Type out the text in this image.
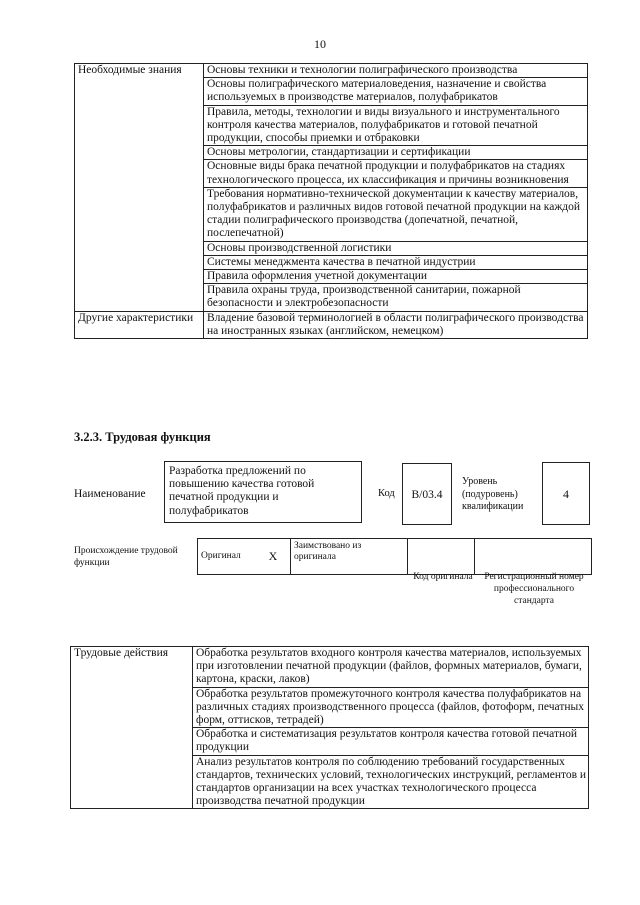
10
Необходимые знания	Основы техники и технологии полиграфического производства
	Основы полиграфического материаловедения, назначение и свойства используемых в производстве материалов, полуфабрикатов
	Правила, методы, технологии и виды визуального и инструментального контроля качества материалов, полуфабрикатов и готовой печатной продукции, способы приемки и отбраковки
	Основы метрологии, стандартизации и сертификации
	Основные виды брака печатной продукции и полуфабрикатов на стадиях технологического процесса, их классификация и причины возникновения
	Требования нормативно-технической документации к качеству материалов, полуфабрикатов и различных видов готовой печатной продукции на каждой стадии полиграфического производства (допечатной, печатной, послепечатной)
	Основы производственной логистики
	Системы менеджмента качества в печатной индустрии
	Правила оформления учетной документации
	Правила охраны труда, производственной санитарии, пожарной безопасности и электробезопасности
Другие характеристики	Владение базовой терминологией в области полиграфического производства на иностранных языках (английском, немецком)
3.2.3. Трудовая функция
Наименование
Разработка предложений по повышению качества готовой печатной продукции и полуфабрикатов
Код	B/03.4
Уровень (подуровень) квалификации
4
Происхождение трудовой функции
Оригинал	X	Заимствовано из оригинала		
Код оригинала	Регистрационный номер профессионального стандарта
Трудовые действия	Обработка результатов входного контроля качества материалов, используемых при изготовлении печатной продукции (файлов, формных материалов, бумаги, картона, краски, лаков)
Обработка результатов промежуточного контроля качества полуфабрикатов на различных стадиях производственного процесса (файлов, фотоформ, печатных форм, оттисков, тетрадей)
Обработка и систематизация результатов контроля качества готовой печатной продукции
Анализ результатов контроля по соблюдению требований государственных стандартов, технических условий, технологических инструкций, регламентов и стандартов организации на всех участках технологического процесса производства печатной продукции
